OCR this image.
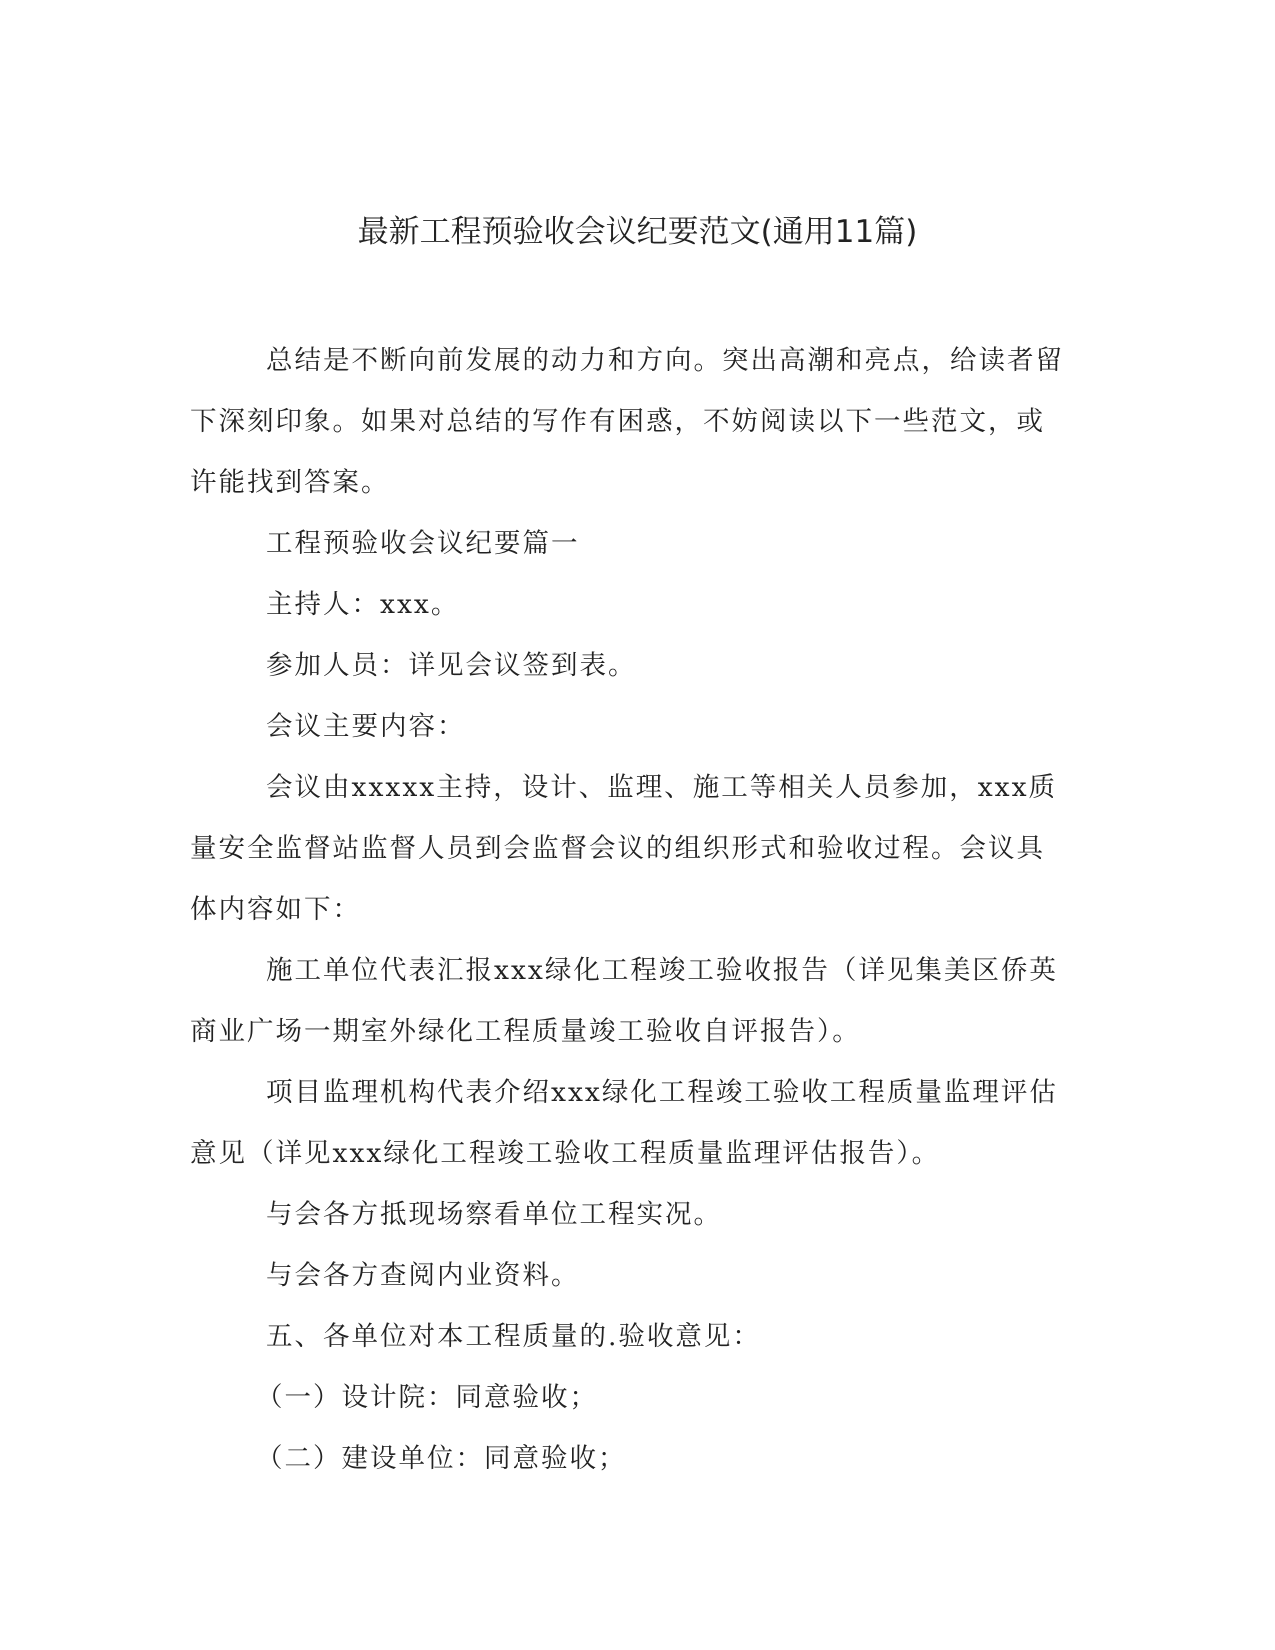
最新工程预验收会议纪要范文(通用11篇)

总结是不断向前发展的动力和方向。突出高潮和亮点，给读者留
下深刻印象。如果对总结的写作有困惑，不妨阅读以下一些范文，或
许能找到答案。

工程预验收会议纪要篇一

主持人：xxx。

参加人员：详见会议签到表。

会议主要内容：

会议由xxxxx主持，设计、监理、施工等相关人员参加，xxx质
量安全监督站监督人员到会监督会议的组织形式和验收过程。会议具
体内容如下：

施工单位代表汇报xxx绿化工程竣工验收报告（详见集美区侨英
商业广场一期室外绿化工程质量竣工验收自评报告）。

项目监理机构代表介绍xxx绿化工程竣工验收工程质量监理评估
意见（详见xxx绿化工程竣工验收工程质量监理评估报告）。

与会各方抵现场察看单位工程实况。

与会各方查阅内业资料。

五、各单位对本工程质量的.验收意见：

（一）设计院：同意验收；

（二）建设单位：同意验收；
